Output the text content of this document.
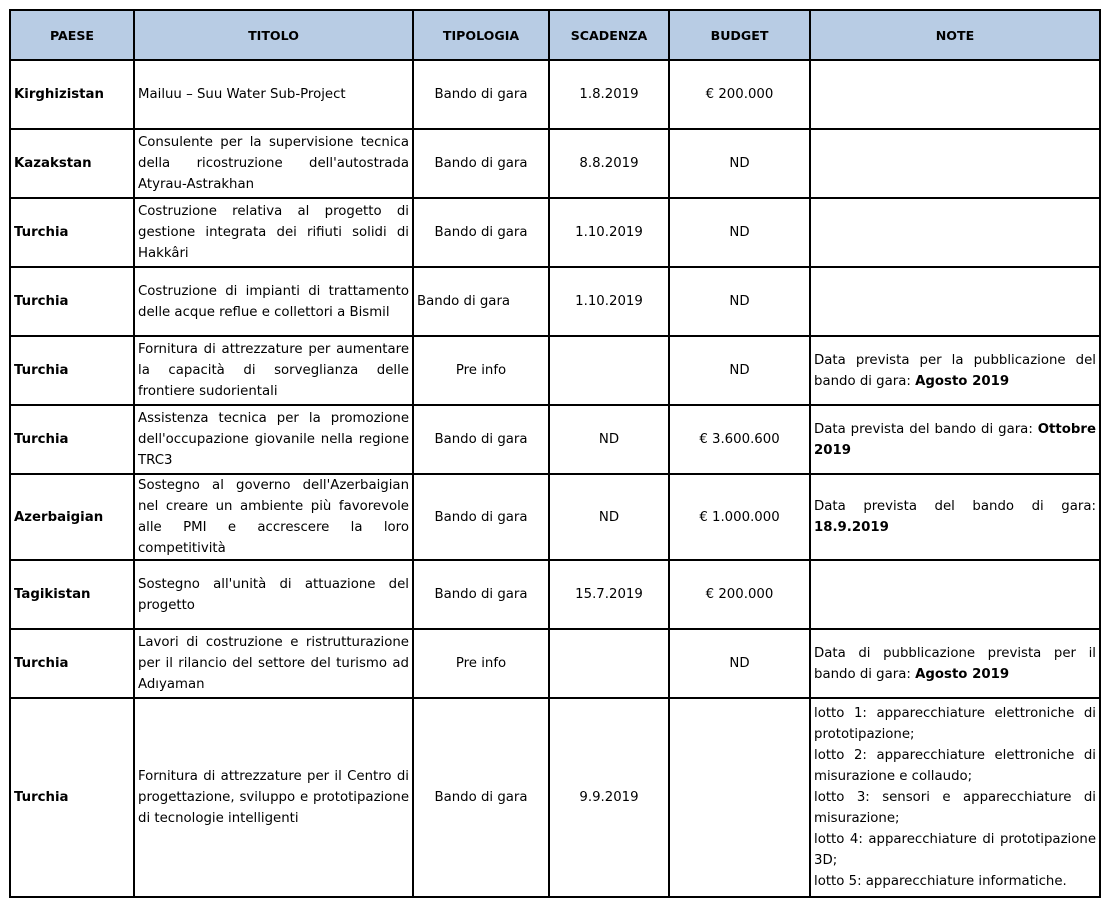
PAESE	TITOLO	TIPOLOGIA	SCADENZA	BUDGET	NOTE
Kirghizistan	Mailuu – Suu Water Sub-Project	Bando di gara	1.8.2019	€ 200.000	
Kazakstan	Consulente per la supervisione tecnica della ricostruzione dell'autostrada Atyrau-Astrakhan	Bando di gara	8.8.2019	ND	
Turchia	Costruzione relativa al progetto di gestione integrata dei rifiuti solidi di Hakkâri	Bando di gara	1.10.2019	ND	
Turchia	Costruzione di impianti di trattamento delle acque reflue e collettori a Bismil	Bando di gara	1.10.2019	ND	
Turchia	Fornitura di attrezzature per aumentare la capacità di sorveglianza delle frontiere sudorientali	Pre info		ND	Data prevista per la pubblicazione del bando di gara: Agosto 2019
Turchia	Assistenza tecnica per la promozione dell'occupazione giovanile nella regione TRC3	Bando di gara	ND	€ 3.600.600	Data prevista del bando di gara: Ottobre 2019
Azerbaigian	Sostegno al governo dell'Azerbaigian nel creare un ambiente più favorevole alle PMI e accrescere la loro competitività	Bando di gara	ND	€ 1.000.000	Data prevista del bando di gara: 18.9.2019
Tagikistan	Sostegno all'unità di attuazione del progetto	Bando di gara	15.7.2019	€ 200.000	
Turchia	Lavori di costruzione e ristrutturazione per il rilancio del settore del turismo ad Adıyaman	Pre info		ND	Data di pubblicazione prevista per il bando di gara: Agosto 2019
Turchia	Fornitura di attrezzature per il Centro di progettazione, sviluppo e prototipazione di tecnologie intelligenti	Bando di gara	9.9.2019		lotto 1: apparecchiature elettroniche di prototipazione;
lotto 2: apparecchiature elettroniche di misurazione e collaudo;
lotto 3: sensori e apparecchiature di misurazione;
lotto 4: apparecchiature di prototipazione 3D;
lotto 5: apparecchiature informatiche.
